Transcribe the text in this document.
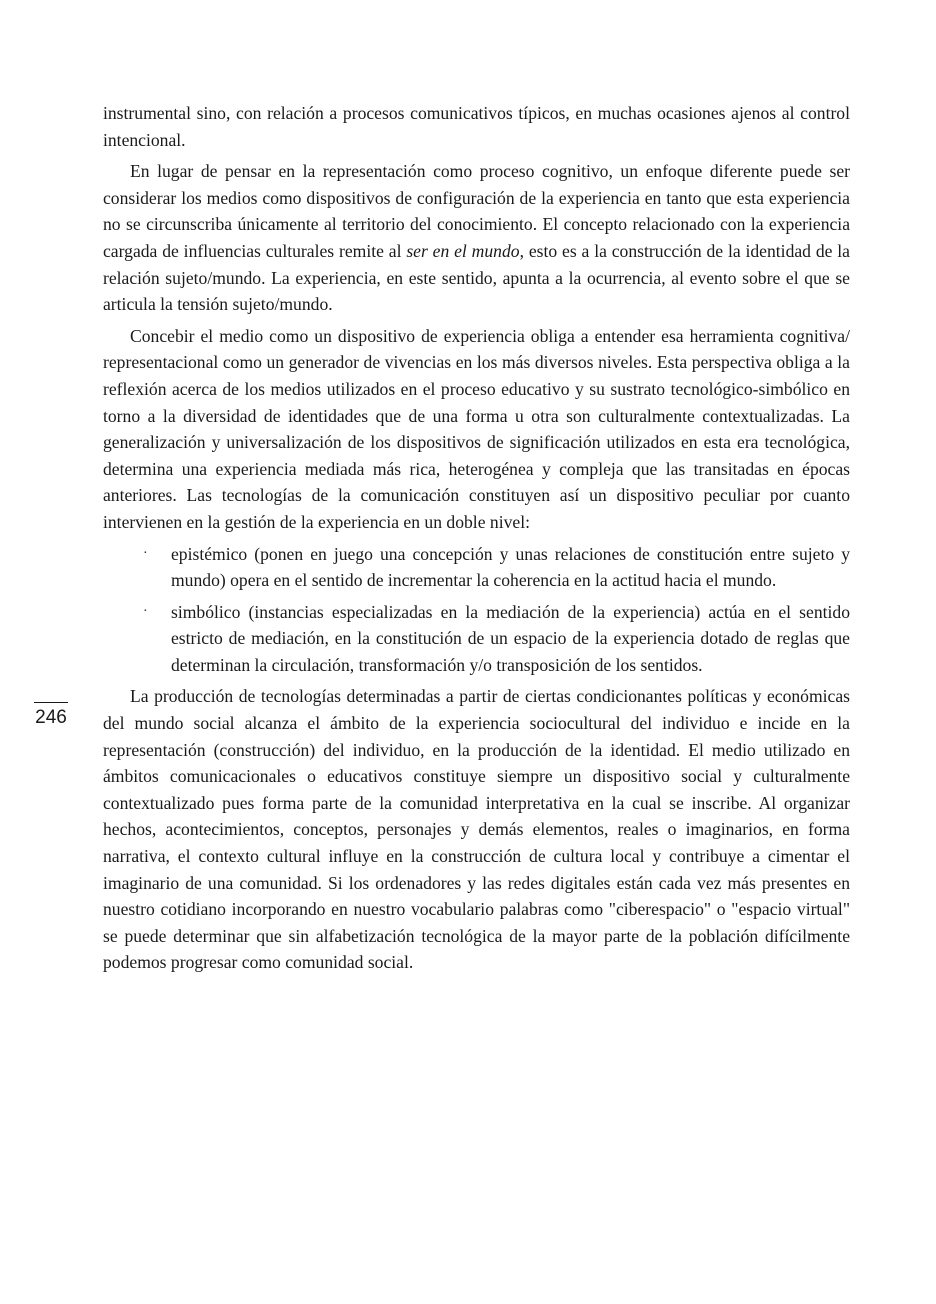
246

instrumental sino, con relación a procesos comunicativos típicos, en muchas ocasiones ajenos al control intencional.

En lugar de pensar en la representación como proceso cognitivo, un enfoque diferente puede ser considerar los medios como dispositivos de configuración de la experiencia en tanto que esta experiencia no se circunscriba únicamente al territorio del conocimiento. El concepto relacionado con la experiencia cargada de influencias culturales remite al ser en el mundo, esto es a la construcción de la identidad de la relación sujeto/mundo. La experiencia, en este sentido, apunta a la ocurrencia, al evento sobre el que se articula la tensión sujeto/mundo.

Concebir el medio como un dispositivo de experiencia obliga a entender esa herramienta cognitiva/ representacional como un generador de vivencias en los más diversos niveles. Esta perspectiva obliga a la reflexión acerca de los medios utilizados en el proceso educativo y su sustrato tecnológico-simbólico en torno a la diversidad de identidades que de una forma u otra son culturalmente contextualizadas. La generalización y universalización de los dispositivos de significación utilizados en esta era tecnológica, determina una experiencia mediada más rica, heterogénea y compleja que las transitadas en épocas anteriores. Las tecnologías de la comunicación constituyen así un dispositivo peculiar por cuanto intervienen en la gestión de la experiencia en un doble nivel:

· epistémico (ponen en juego una concepción y unas relaciones de constitución entre sujeto y mundo) opera en el sentido de incrementar la coherencia en la actitud hacia el mundo.
· simbólico (instancias especializadas en la mediación de la experiencia) actúa en el sentido estricto de mediación, en la constitución de un espacio de la experiencia dotado de reglas que determinan la circulación, transformación y/o transposición de los sentidos.

La producción de tecnologías determinadas a partir de ciertas condicionantes políticas y económicas del mundo social alcanza el ámbito de la experiencia sociocultural del individuo e incide en la representación (construcción) del individuo, en la producción de la identidad. El medio utilizado en ámbitos comunicacionales o educativos constituye siempre un dispositivo social y culturalmente contextualizado pues forma parte de la comunidad interpretativa en la cual se inscribe. Al organizar hechos, acontecimientos, conceptos, personajes y demás elementos, reales o imaginarios, en forma narrativa, el contexto cultural influye en la construcción de cultura local y contribuye a cimentar el imaginario de una comunidad. Si los ordenadores y las redes digitales están cada vez más presentes en nuestro cotidiano incorporando en nuestro vocabulario palabras como "ciberespacio" o "espacio virtual" se puede determinar que sin alfabetización tecnológica de la mayor parte de la población difícilmente podemos progresar como comunidad social.
